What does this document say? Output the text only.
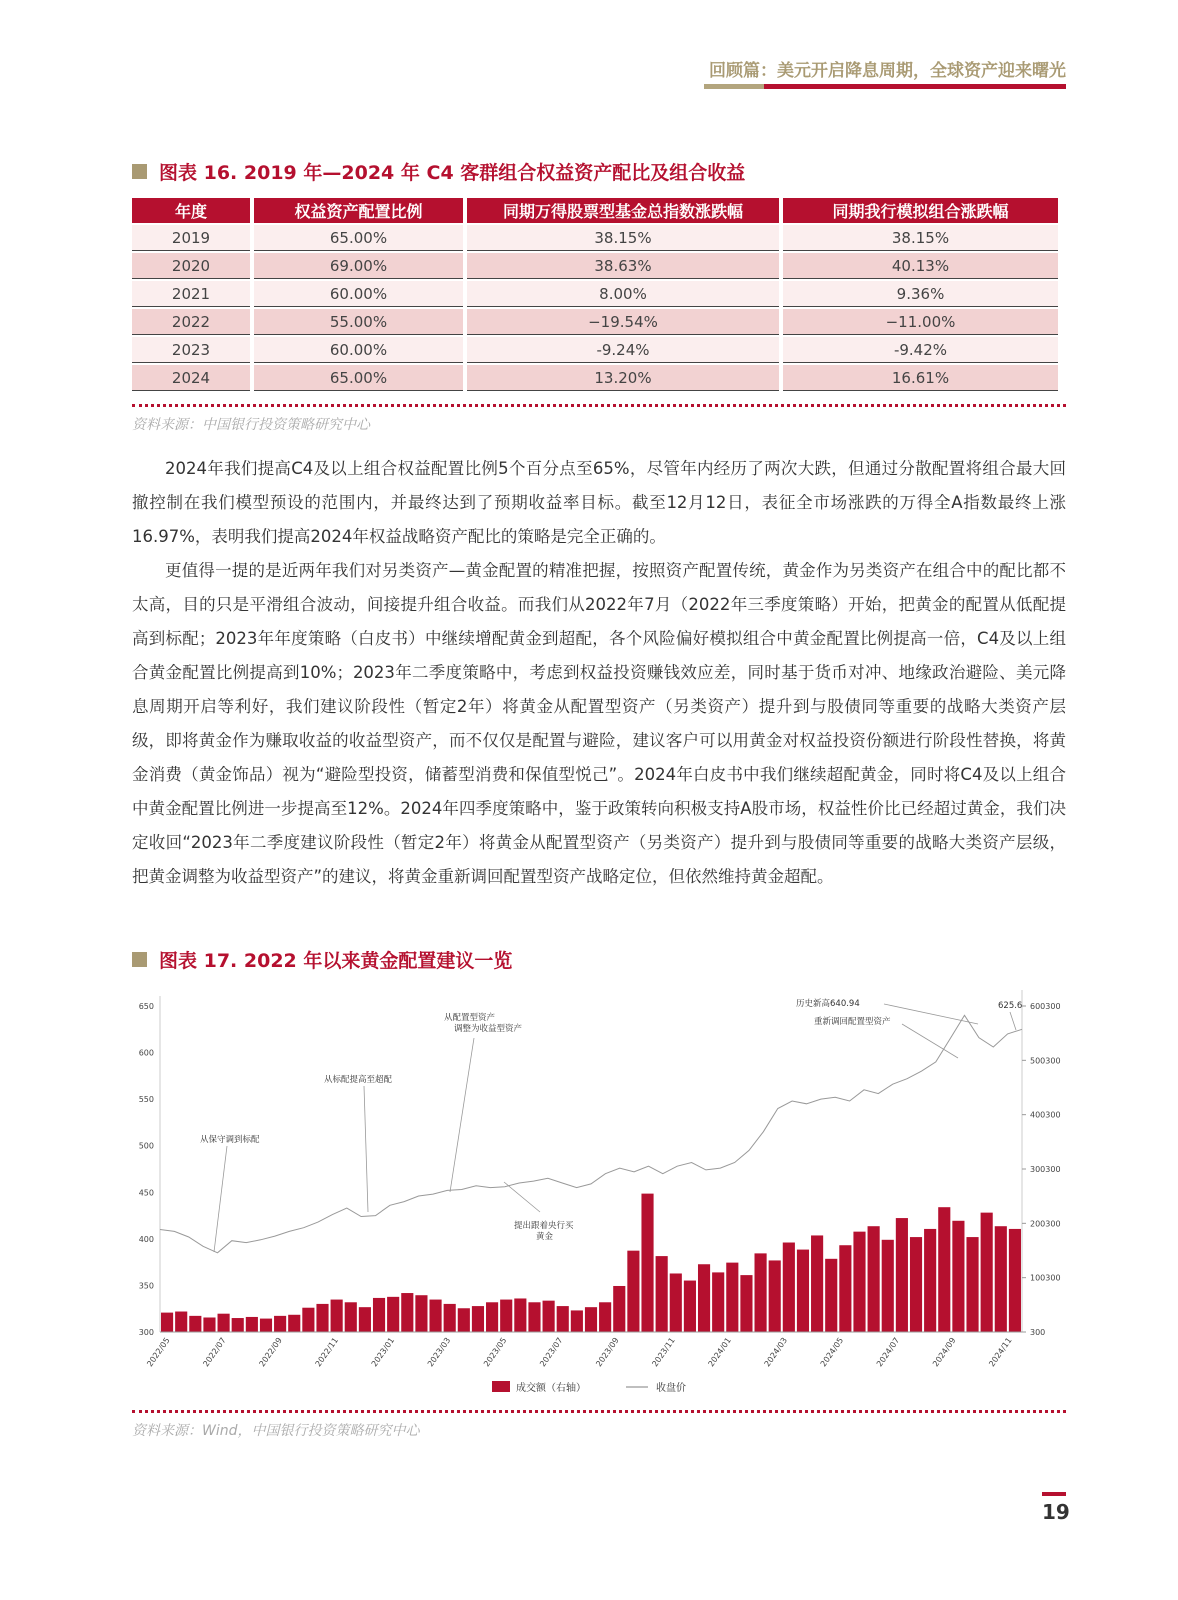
回顾篇：美元开启降息周期，全球资产迎来曙光
图表 16. 2019 年—2024 年 C4 客群组合权益资产配比及组合收益
年度	权益资产配置比例	同期万得股票型基金总指数涨跌幅	同期我行模拟组合涨跌幅
2019	65.00%	38.15%	38.15%
2020	69.00%	38.63%	40.13%
2021	60.00%	8.00%	9.36%
2022	55.00%	−19.54%	−11.00%
2023	60.00%	-9.24%	-9.42%
2024	65.00%	13.20%	16.61%
资料来源：中国银行投资策略研究中心

2024年我们提高C4及以上组合权益配置比例5个百分点至65%，尽管年内经历了两次大跌，但通过分散配置将组合最大回撤控制在我们模型预设的范围内，并最终达到了预期收益率目标。截至12月12日，表征全市场涨跌的万得全A指数最终上涨16.97%，表明我们提高2024年权益战略资产配比的策略是完全正确的。

更值得一提的是近两年我们对另类资产—黄金配置的精准把握，按照资产配置传统，黄金作为另类资产在组合中的配比都不太高，目的只是平滑组合波动，间接提升组合收益。而我们从2022年7月（2022年三季度策略）开始，把黄金的配置从低配提高到标配；2023年年度策略（白皮书）中继续增配黄金到超配，各个风险偏好模拟组合中黄金配置比例提高一倍，C4及以上组合黄金配置比例提高到10%；2023年二季度策略中，考虑到权益投资赚钱效应差，同时基于货币对冲、地缘政治避险、美元降息周期开启等利好，我们建议阶段性（暂定2年）将黄金从配置型资产（另类资产）提升到与股债同等重要的战略大类资产层级，即将黄金作为赚取收益的收益型资产，而不仅仅是配置与避险，建议客户可以用黄金对权益投资份额进行阶段性替换，将黄金消费（黄金饰品）视为“避险型投资，储蓄型消费和保值型悦己”。2024年白皮书中我们继续超配黄金，同时将C4及以上组合中黄金配置比例进一步提高至12%。2024年四季度策略中，鉴于政策转向积极支持A股市场，权益性价比已经超过黄金，我们决定收回“2023年二季度建议阶段性（暂定2年）将黄金从配置型资产（另类资产）提升到与股债同等重要的战略大类资产层级，把黄金调整为收益型资产”的建议，将黄金重新调回配置型资产战略定位，但依然维持黄金超配。

图表 17. 2022 年以来黄金配置建议一览
300
350
400
450
500
550
600
650
300
100300
200300
300300
400300
500300
600300
2022/05	2022/07	2022/09	2022/11	2023/01	2023/03	2023/05	2023/07	2023/09	2023/11	2024/01	2024/03	2024/05	2024/07	2024/09	2024/11
从保守调到标配
从标配提高至超配
从配置型资产调整为收益型资产
提出跟着央行买黄金
历史新高640.94
重新调回配置型资产
625.6
成交额（右轴）	收盘价
资料来源：Wind，中国银行投资策略研究中心
19
